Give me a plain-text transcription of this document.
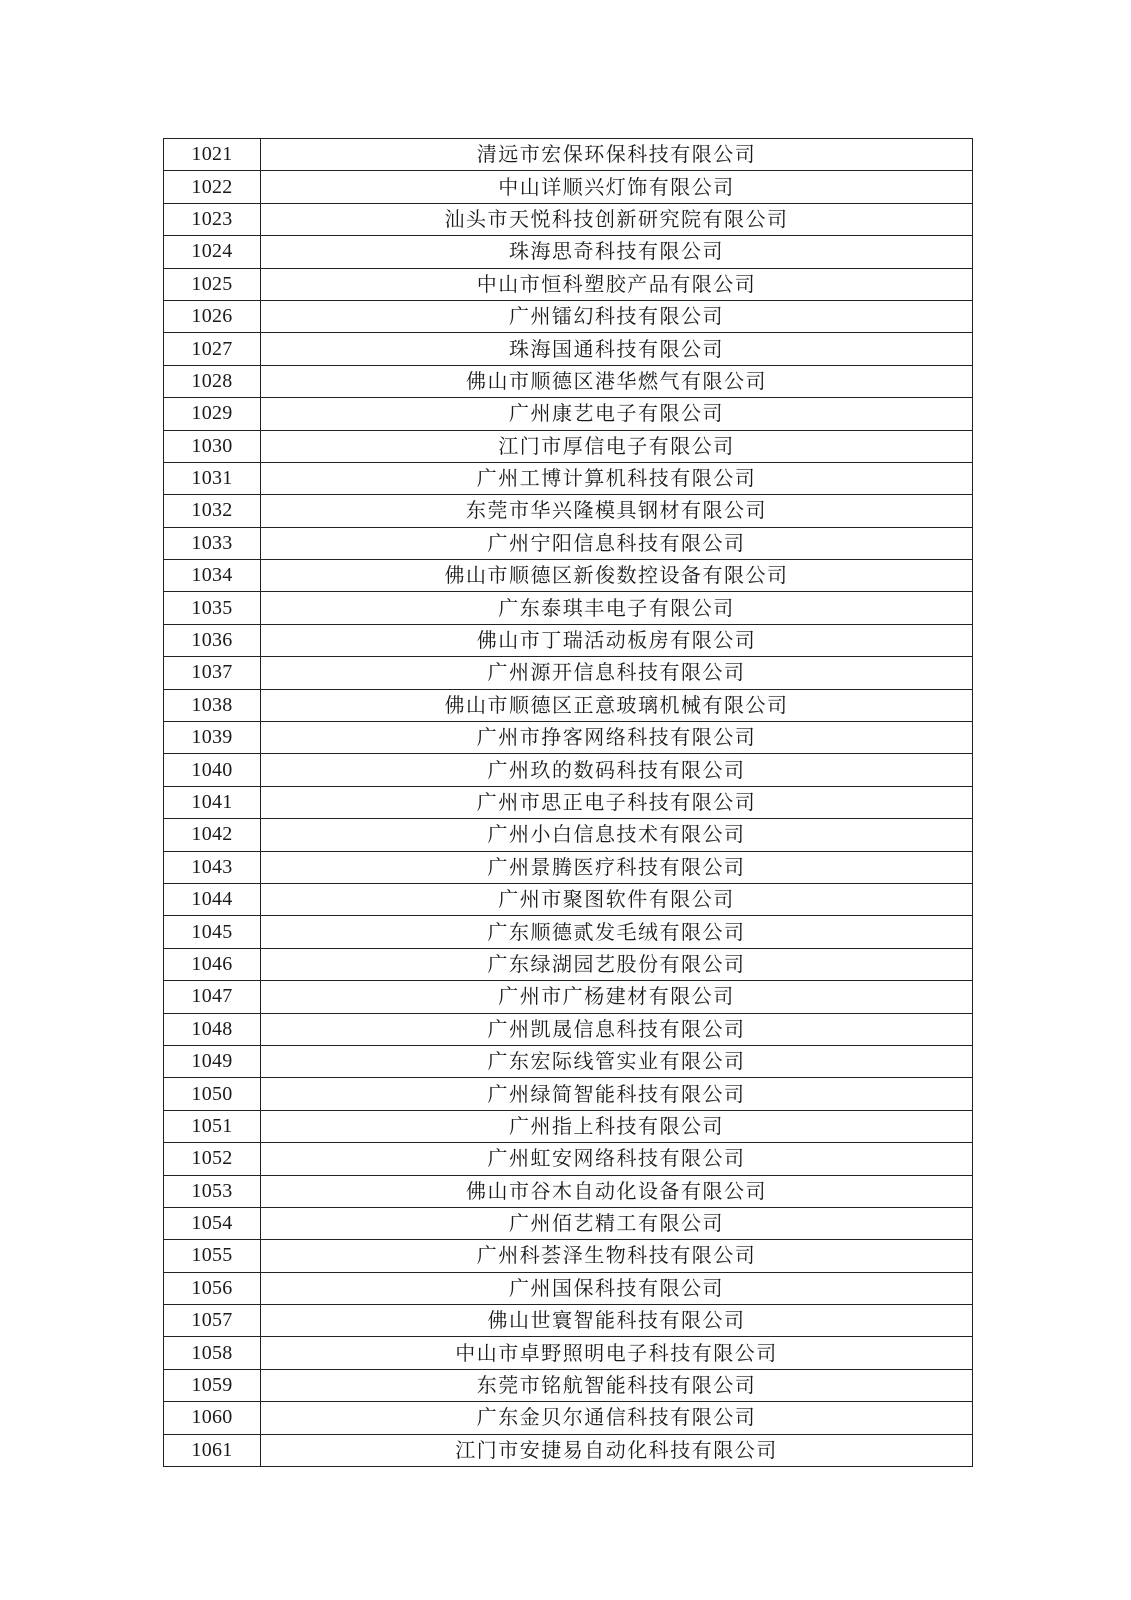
1021	清远市宏保环保科技有限公司
1022	中山详顺兴灯饰有限公司
1023	汕头市天悦科技创新研究院有限公司
1024	珠海思奇科技有限公司
1025	中山市恒科塑胶产品有限公司
1026	广州镭幻科技有限公司
1027	珠海国通科技有限公司
1028	佛山市顺德区港华燃气有限公司
1029	广州康艺电子有限公司
1030	江门市厚信电子有限公司
1031	广州工博计算机科技有限公司
1032	东莞市华兴隆模具钢材有限公司
1033	广州宁阳信息科技有限公司
1034	佛山市顺德区新俊数控设备有限公司
1035	广东泰琪丰电子有限公司
1036	佛山市丁瑞活动板房有限公司
1037	广州源开信息科技有限公司
1038	佛山市顺德区正意玻璃机械有限公司
1039	广州市挣客网络科技有限公司
1040	广州玖的数码科技有限公司
1041	广州市思正电子科技有限公司
1042	广州小白信息技术有限公司
1043	广州景腾医疗科技有限公司
1044	广州市聚图软件有限公司
1045	广东顺德贰发毛绒有限公司
1046	广东绿湖园艺股份有限公司
1047	广州市广杨建材有限公司
1048	广州凯晟信息科技有限公司
1049	广东宏际线管实业有限公司
1050	广州绿简智能科技有限公司
1051	广州指上科技有限公司
1052	广州虹安网络科技有限公司
1053	佛山市谷木自动化设备有限公司
1054	广州佰艺精工有限公司
1055	广州科荟泽生物科技有限公司
1056	广州国保科技有限公司
1057	佛山世寰智能科技有限公司
1058	中山市卓野照明电子科技有限公司
1059	东莞市铭航智能科技有限公司
1060	广东金贝尔通信科技有限公司
1061	江门市安捷易自动化科技有限公司
